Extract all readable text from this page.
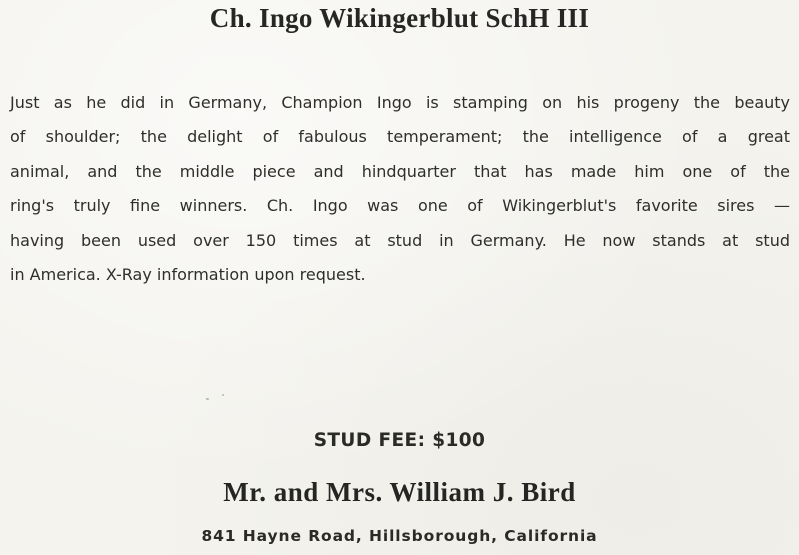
Ch. Ingo Wikingerblut SchH III
Just as he did in Germany, Champion Ingo is stamping on his progeny the beauty
of shoulder; the delight of fabulous temperament; the intelligence of a great
animal, and the middle piece and hindquarter that has made him one of the
ring's truly fine winners. Ch. Ingo was one of Wikingerblut's favorite sires —
having been used over 150 times at stud in Germany. He now stands at stud
in America. X-Ray information upon request.
STUD FEE: $100
Mr. and Mrs. William J. Bird
841 Hayne Road, Hillsborough, California
